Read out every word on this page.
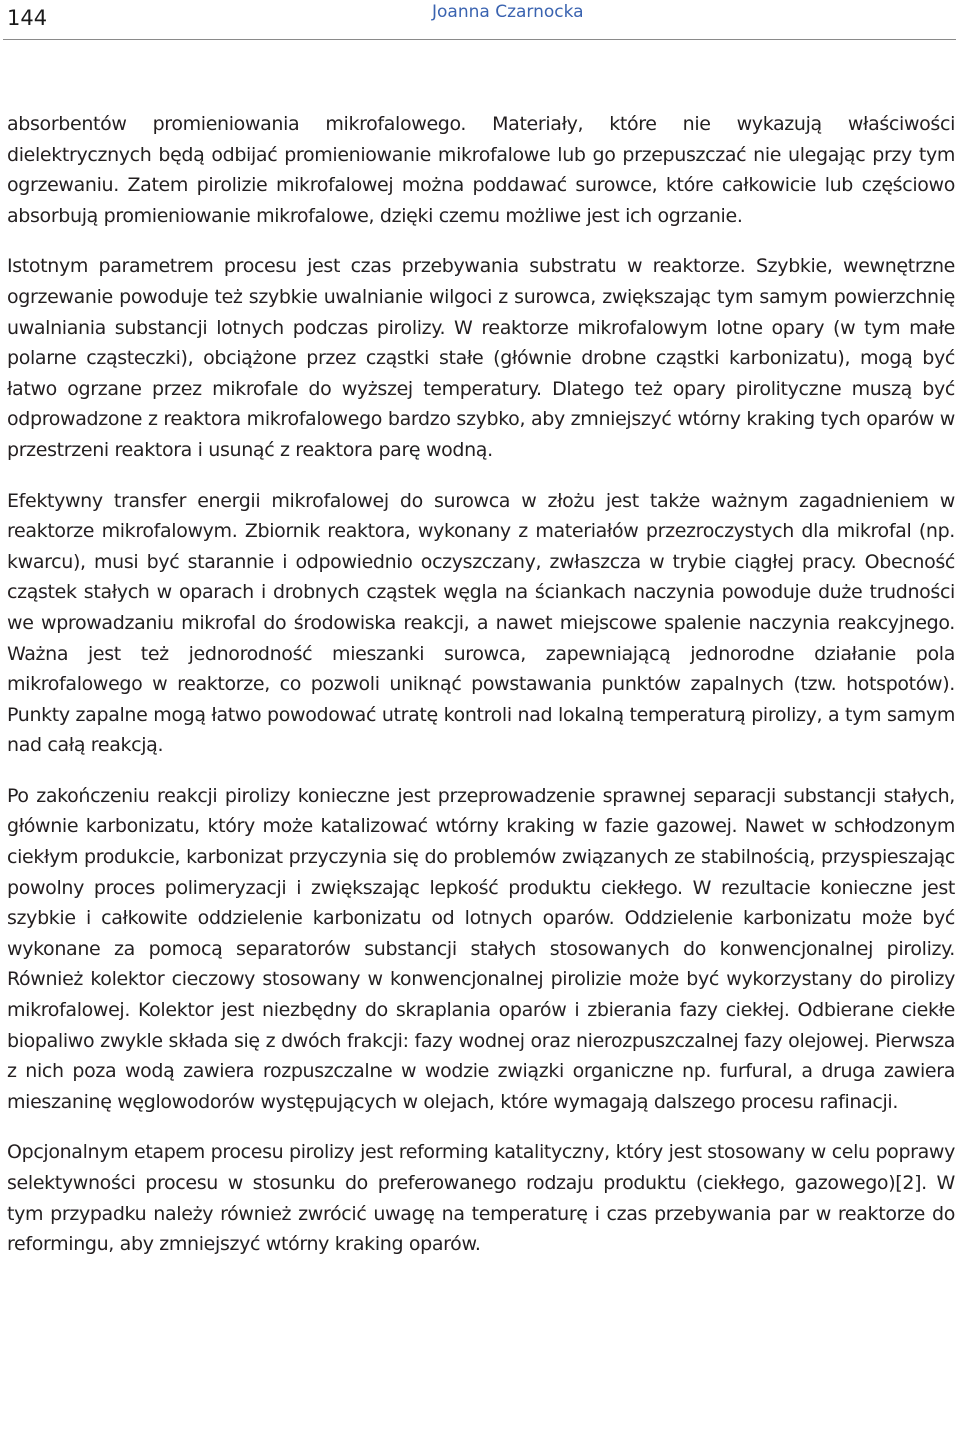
144	Joanna Czarnocka

absorbentów promieniowania mikrofalowego. Materiały, które nie wykazują właściwości dielektrycznych będą odbijać promieniowanie mikrofalowe lub go przepuszczać nie ulegając przy tym ogrzewaniu. Zatem pirolizie mikrofalowej można poddawać surowce, które całkowicie lub częściowo absorbują promieniowanie mikrofalowe, dzięki czemu możliwe jest ich ogrzanie.

Istotnym parametrem procesu jest czas przebywania substratu w reaktorze. Szybkie, wewnętrzne ogrzewanie powoduje też szybkie uwalnianie wilgoci z surowca, zwiększając tym samym powierzchnię uwalniania substancji lotnych podczas pirolizy. W reaktorze mikrofalowym lotne opary (w tym małe polarne cząsteczki), obciążone przez cząstki stałe (głównie drobne cząstki karbonizatu), mogą być łatwo ogrzane przez mikrofale do wyższej temperatury. Dlatego też opary pirolityczne muszą być odprowadzone z reaktora mikrofalowego bardzo szybko, aby zmniejszyć wtórny kraking tych oparów w przestrzeni reaktora i usunąć z reaktora parę wodną.

Efektywny transfer energii mikrofalowej do surowca w złożu jest także ważnym zagadnieniem w reaktorze mikrofalowym. Zbiornik reaktora, wykonany z materiałów przezroczystych dla mikrofal (np. kwarcu), musi być starannie i odpowiednio oczyszczany, zwłaszcza w trybie ciągłej pracy. Obecność cząstek stałych w oparach i drobnych cząstek węgla na ściankach naczynia powoduje duże trudności we wprowadzaniu mikrofal do środowiska reakcji, a nawet miejscowe spalenie naczynia reakcyjnego. Ważna jest też jednorodność mieszanki surowca, zapewniającą jednorodne działanie pola mikrofalowego w reaktorze, co pozwoli uniknąć powstawania punktów zapalnych (tzw. hotspotów). Punkty zapalne mogą łatwo powodować utratę kontroli nad lokalną temperaturą pirolizy, a tym samym nad całą reakcją.

Po zakończeniu reakcji pirolizy konieczne jest przeprowadzenie sprawnej separacji substancji stałych, głównie karbonizatu, który może katalizować wtórny kraking w fazie gazowej. Nawet w schłodzonym ciekłym produkcie, karbonizat przyczynia się do problemów związanych ze stabilnością, przyspieszając powolny proces polimeryzacji i zwiększając lepkość produktu ciekłego. W rezultacie konieczne jest szybkie i całkowite oddzielenie karbonizatu od lotnych oparów. Oddzielenie karbonizatu może być wykonane za pomocą separatorów substancji stałych stosowanych do konwencjonalnej pirolizy. Również kolektor cieczowy stosowany w konwencjonalnej pirolizie może być wykorzystany do pirolizy mikrofalowej. Kolektor jest niezbędny do skraplania oparów i zbierania fazy ciekłej. Odbierane ciekłe biopaliwo zwykle składa się z dwóch frakcji: fazy wodnej oraz nierozpuszczalnej fazy olejowej. Pierwsza z nich poza wodą zawiera rozpuszczalne w wodzie związki organiczne np. furfural, a druga zawiera mieszaninę węglowodorów występujących w olejach, które wymagają dalszego procesu rafinacji.

Opcjonalnym etapem procesu pirolizy jest reforming katalityczny, który jest stosowany w celu poprawy selektywności procesu w stosunku do preferowanego rodzaju produktu (ciekłego, gazowego)[2]. W tym przypadku należy również zwrócić uwagę na temperaturę i czas przebywania par w reaktorze do reformingu, aby zmniejszyć wtórny kraking oparów.
